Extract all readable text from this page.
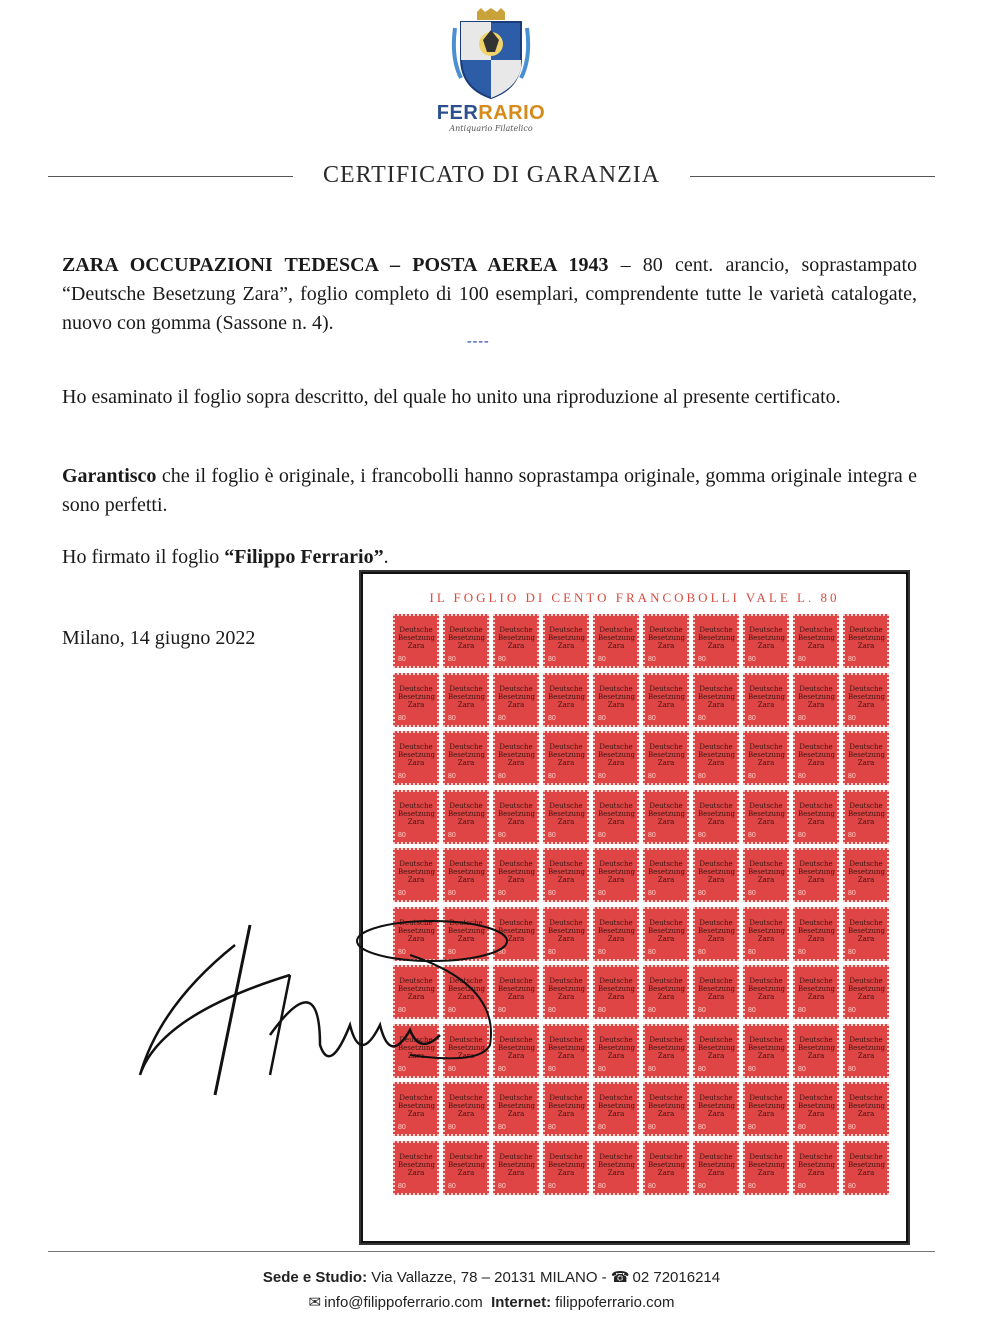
FERRARIO
Antiquario Filatelico
CERTIFICATO DI GARANZIA
ZARA OCCUPAZIONI TEDESCA – POSTA AEREA 1943 – 80 cent. arancio, soprastampato “Deutsche Besetzung Zara”, foglio completo di 100 esemplari, comprendente tutte le varietà catalogate, nuovo con gomma (Sassone n. 4).
----
Ho esaminato il foglio sopra descritto, del quale ho unito una riproduzione al presente certificato.
Garantisco che il foglio è originale, i francobolli hanno soprastampa originale, gomma originale integra e sono perfetti.
Ho firmato il foglio “Filippo Ferrario”.
Milano, 14 giugno 2022
IL FOGLIO DI CENTO FRANCOBOLLI VALE L. 80
Deutsche
Besetzung
Zara
80
Deutsche
Besetzung
Zara
80
Deutsche
Besetzung
Zara
80
Deutsche
Besetzung
Zara
80
Deutsche
Besetzung
Zara
80
Deutsche
Besetzung
Zara
80
Deutsche
Besetzung
Zara
80
Deutsche
Besetzung
Zara
80
Deutsche
Besetzung
Zara
80
Deutsche
Besetzung
Zara
80
Deutsche
Besetzung
Zara
80
Deutsche
Besetzung
Zara
80
Deutsche
Besetzung
Zara
80
Deutsche
Besetzung
Zara
80
Deutsche
Besetzung
Zara
80
Deutsche
Besetzung
Zara
80
Deutsche
Besetzung
Zara
80
Deutsche
Besetzung
Zara
80
Deutsche
Besetzung
Zara
80
Deutsche
Besetzung
Zara
80
Deutsche
Besetzung
Zara
80
Deutsche
Besetzung
Zara
80
Deutsche
Besetzung
Zara
80
Deutsche
Besetzung
Zara
80
Deutsche
Besetzung
Zara
80
Deutsche
Besetzung
Zara
80
Deutsche
Besetzung
Zara
80
Deutsche
Besetzung
Zara
80
Deutsche
Besetzung
Zara
80
Deutsche
Besetzung
Zara
80
Deutsche
Besetzung
Zara
80
Deutsche
Besetzung
Zara
80
Deutsche
Besetzung
Zara
80
Deutsche
Besetzung
Zara
80
Deutsche
Besetzung
Zara
80
Deutsche
Besetzung
Zara
80
Deutsche
Besetzung
Zara
80
Deutsche
Besetzung
Zara
80
Deutsche
Besetzung
Zara
80
Deutsche
Besetzung
Zara
80
Deutsche
Besetzung
Zara
80
Deutsche
Besetzung
Zara
80
Deutsche
Besetzung
Zara
80
Deutsche
Besetzung
Zara
80
Deutsche
Besetzung
Zara
80
Deutsche
Besetzung
Zara
80
Deutsche
Besetzung
Zara
80
Deutsche
Besetzung
Zara
80
Deutsche
Besetzung
Zara
80
Deutsche
Besetzung
Zara
80
Deutsche
Besetzung
Zara
80
Deutsche
Besetzung
Zara
80
Deutsche
Besetzung
Zara
80
Deutsche
Besetzung
Zara
80
Deutsche
Besetzung
Zara
80
Deutsche
Besetzung
Zara
80
Deutsche
Besetzung
Zara
80
Deutsche
Besetzung
Zara
80
Deutsche
Besetzung
Zara
80
Deutsche
Besetzung
Zara
80
Deutsche
Besetzung
Zara
80
Deutsche
Besetzung
Zara
80
Deutsche
Besetzung
Zara
80
Deutsche
Besetzung
Zara
80
Deutsche
Besetzung
Zara
80
Deutsche
Besetzung
Zara
80
Deutsche
Besetzung
Zara
80
Deutsche
Besetzung
Zara
80
Deutsche
Besetzung
Zara
80
Deutsche
Besetzung
Zara
80
Deutsche
Besetzung
Zara
80
Deutsche
Besetzung
Zara
80
Deutsche
Besetzung
Zara
80
Deutsche
Besetzung
Zara
80
Deutsche
Besetzung
Zara
80
Deutsche
Besetzung
Zara
80
Deutsche
Besetzung
Zara
80
Deutsche
Besetzung
Zara
80
Deutsche
Besetzung
Zara
80
Deutsche
Besetzung
Zara
80
Deutsche
Besetzung
Zara
80
Deutsche
Besetzung
Zara
80
Deutsche
Besetzung
Zara
80
Deutsche
Besetzung
Zara
80
Deutsche
Besetzung
Zara
80
Deutsche
Besetzung
Zara
80
Deutsche
Besetzung
Zara
80
Deutsche
Besetzung
Zara
80
Deutsche
Besetzung
Zara
80
Deutsche
Besetzung
Zara
80
Deutsche
Besetzung
Zara
80
Deutsche
Besetzung
Zara
80
Deutsche
Besetzung
Zara
80
Deutsche
Besetzung
Zara
80
Deutsche
Besetzung
Zara
80
Deutsche
Besetzung
Zara
80
Deutsche
Besetzung
Zara
80
Deutsche
Besetzung
Zara
80
Deutsche
Besetzung
Zara
80
Deutsche
Besetzung
Zara
80
Sede e Studio: Via Vallazze, 78 – 20131 MILANO - ☎ 02 72016214
✉ info@filippoferrario.com Internet: filippoferrario.com
